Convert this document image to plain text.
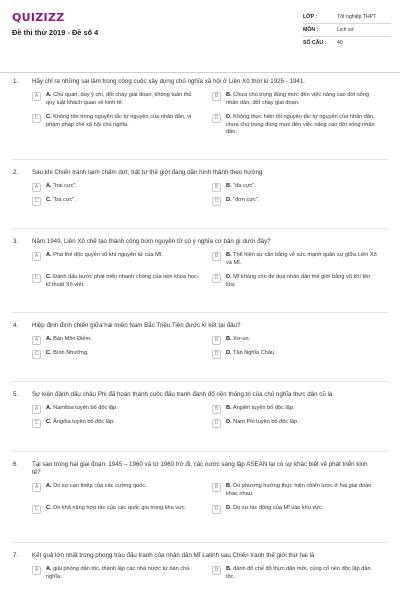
QUIZIZZ
Đề thi thử 2019 - Đề số 4
LỚP :	Tốt nghiệp THPT
MÔN :	Lịch sử
SỐ CÂU :	40
1. Hãy chỉ ra những sai lầm trong công cuộc xây dựng chủ nghĩa xã hội ở Liên Xô thời kì 1925 - 1941.
A	A. Chủ quan, duy ý chí, đốt cháy giai đoạn, không tuân thủ quy luật khách quan về kinh tế.
B	B. Chưa chú trọng đúng mức đến việc nâng cao đời sống nhân dân, đốt cháy giai đoạn.
C	C. Không tôn trọng nguyên tắc tự nguyện của nhân dân, vi phạm pháp chế xã hội chủ nghĩa.
D	D. Không thực hiện tốt nguyên tắc tự nguyện của nhân dân, chưa chú trọng đúng mức đến việc nâng cao đời sống nhân dân.
2. Sau khi Chiến tranh lạnh chấm dứt, trật tự thế giới đang dần hình thành theo hướng
A	A. "hai cực".	B	B. "đa cực".
C	C. "ba cực".	D	D. "đơn cực".
3. Năm 1949, Liên Xô chế tạo thành công bom nguyên tử có ý nghĩa cơ bản gì dưới đây?
A	A. Phá thế độc quyền vũ khí nguyên tử của Mĩ.	B	B. Thể hiện sự cân bằng về sức mạnh quân sự giữa Liên Xô và Mĩ.
C	C. Đánh dấu bước phát triển nhanh chóng của nền khoa học-kĩ thuật Xô viết.
D	D. Mĩ không còn đe dọa nhân dân thế giới bằng vũ khí tên lửa.
4. Hiệp định đình chiến giữa hai miền Nam Bắc Triều Tiên được kí kết tại đâu?
A	A. Bàn Môn Điếm.	B	B. Xơ-un.
C	C. Bình Nhưỡng.	D	D. Tân Nghĩa Châu.
5. Sự kiện đánh dấu châu Phi đã hoàn thành cuộc đấu tranh đánh đổ nền thống trị của chủ nghĩa thực dân cũ là
A	A. Namibia tuyên bố độc lập.	B	B. Angiêri tuyên bố độc lập.
C	C. Ăngôla tuyên bố độc lập.	D	D. Nam Phi tuyên bố độc lập.
6. Tại sao trong hai giai đoạn: 1945 – 1960 và từ 1960 trở đi, các nước sáng lập ASEAN lại có sự khác biệt về phát triển kinh tế?
A	A. Do sự can thiệp của các cường quốc.	B	B. Do phương hướng thực hiện chiến lược ở hai giai đoạn khác nhau.
C	C. Do khả năng hợp tác của các quốc gia trong khu vực.	D	D. Do sự tác động của Mĩ vào khu vực.
7. Kết quả lớn nhất trong phong trào đấu tranh của nhân dân Mĩ Latinh sau Chiến tranh thế giới thứ hai là
A	A. giải phóng dân tộc, thành lập các nhà nước tự bản chủ nghĩa.
B	B. đánh đổ chế độ thực dân mới, củng cố nền độc lập dân tộc.
